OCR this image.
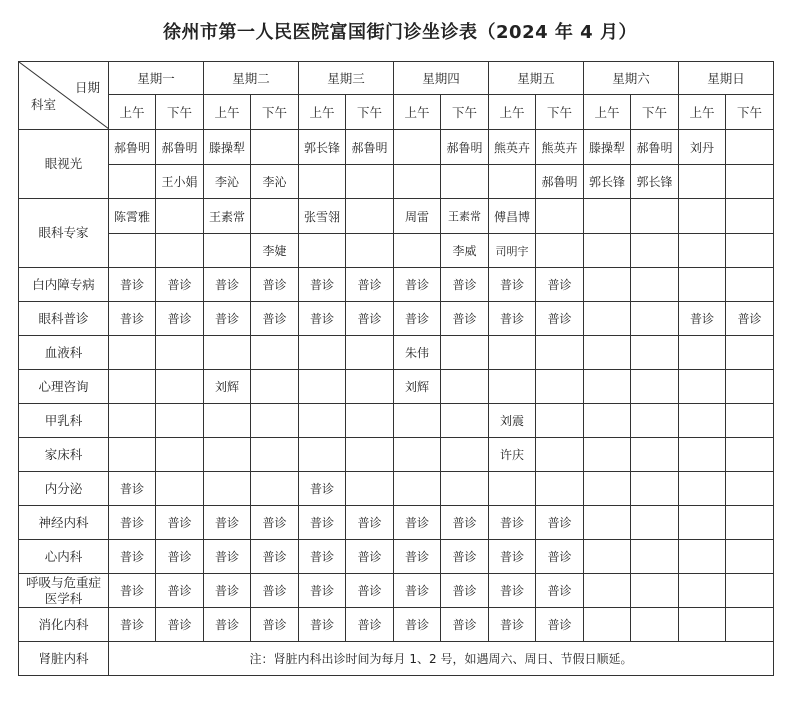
徐州市第一人民医院富国街门诊坐诊表（2024 年 4 月）
日期
科室	星期一		星期二		星期三		星期四		星期五		星期六		星期日	
	上午	下午	上午	下午	上午	下午	上午	下午	上午	下午	上午	下午	上午	下午
眼视光	郝鲁明	郝鲁明	滕操犁		郭长锋	郝鲁明		郝鲁明	熊英卉	熊英卉	滕操犁	郝鲁明	刘丹	
		王小娟	李沁	李沁						郝鲁明	郭长锋	郭长锋		
眼科专家	陈霄雅		王素常		张雪翎		周雷	王素常	傅昌博					
				李婕				李威	司明宇					
白内障专病	普诊	普诊	普诊	普诊	普诊	普诊	普诊	普诊	普诊	普诊				
眼科普诊	普诊	普诊	普诊	普诊	普诊	普诊	普诊	普诊	普诊	普诊			普诊	普诊
血液科							朱伟							
心理咨询			刘辉				刘辉							
甲乳科									刘震					
家床科									许庆					
内分泌	普诊				普诊									
神经内科	普诊	普诊	普诊	普诊	普诊	普诊	普诊	普诊	普诊	普诊				
心内科	普诊	普诊	普诊	普诊	普诊	普诊	普诊	普诊	普诊	普诊				

呼吸与危重症
医学科	普诊	普诊	普诊	普诊	普诊	普诊	普诊	普诊	普诊	普诊				
消化内科	普诊	普诊	普诊	普诊	普诊	普诊	普诊	普诊	普诊	普诊				
肾脏内科	注：肾脏内科出诊时间为每月 1、2 号，如遇周六、周日、节假日顺延。													
